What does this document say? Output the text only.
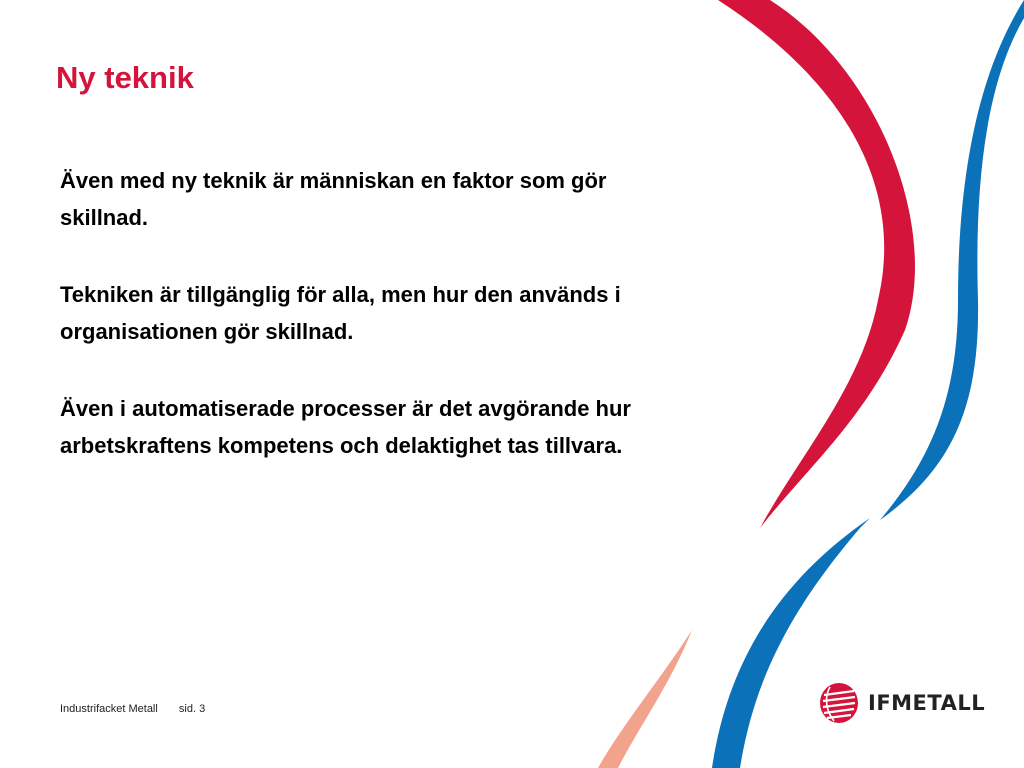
Ny teknik

Även med ny teknik är människan en faktor som gör skillnad.

Tekniken är tillgänglig för alla, men hur den används i organisationen gör skillnad.

Även i automatiserade processer är det avgörande hur arbetskraftens kompetens och delaktighet tas tillvara.

Industrifacket Metall sid. 3	IFMETALL
